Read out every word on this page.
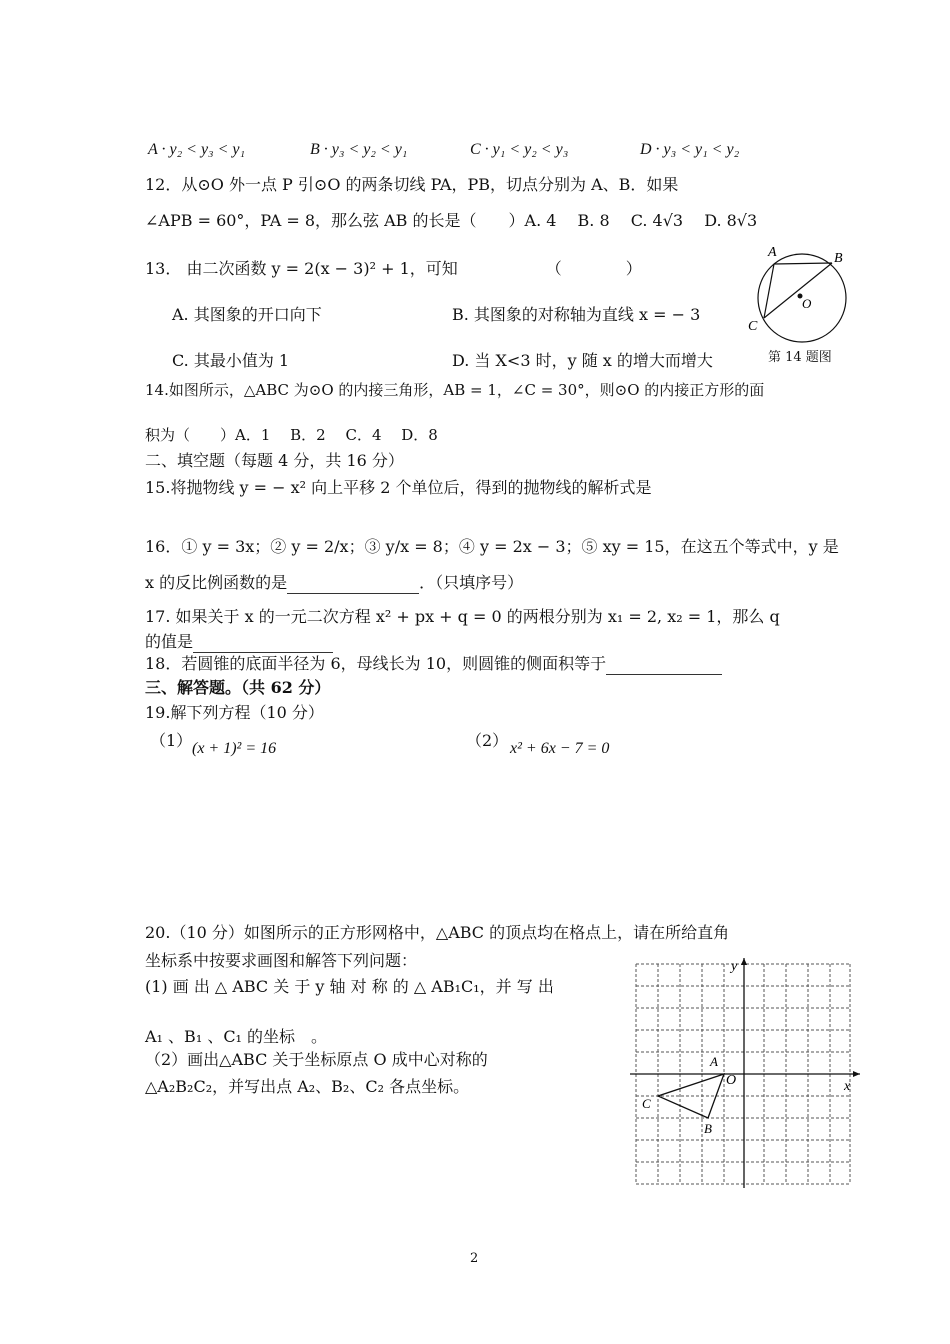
A · y₂ < y₃ < y₁	B · y₃ < y₂ < y₁	C · y₁ < y₂ < y₃	D · y₃ < y₁ < y₂
12．从⊙O 外一点 P 引⊙O 的两条切线 PA，PB，切点分别为 A、B．如果
∠APB = 60°，PA = 8，那么弦 AB 的长是（　　）A. 4　 B. 8　 C. 4√3　 D. 8√3
13． 由二次函数 y = 2(x − 3)² + 1，可知　　　　　　（　　　　）
A. 其图象的开口向下	B. 其图象的对称轴为直线 x = − 3
C. 其最小值为 1	D. 当 X<3 时，y 随 x 的增大而增大
A	B
C
O
第 14 题图
14.如图所示，△ABC 为⊙O 的内接三角形，AB = 1，∠C = 30°，则⊙O 的内接正方形的面
积为（　　）A．1　 B．2　 C．4　 D．8
二、填空题（每题 4 分，共 16 分）
15.将抛物线 y = − x² 向上平移 2 个单位后，得到的抛物线的解析式是
16．① y = 3x；② y = 2/x；③ y/x = 8；④ y = 2x − 3；⑤ xy = 15，在这五个等式中，y 是
x 的反比例函数的是	．（只填序号）
17. 如果关于 x 的一元二次方程 x² + px + q = 0 的两根分别为 x₁ = 2, x₂ = 1，那么 q
的值是
18．若圆锥的底面半径为 6，母线长为 10，则圆锥的侧面积等于
三、解答题。（共 62 分）
19.解下列方程（10 分）
（1） (x + 1)² = 16	（2） x² + 6x − 7 = 0
20.（10 分）如图所示的正方形网格中，△ABC 的顶点均在格点上，请在所给直角
坐标系中按要求画图和解答下列问题：
(1) 画 出 △ ABC 关 于 y 轴 对 称 的 △ AB₁C₁，并 写 出
A₁ 、B₁ 、C₁ 的坐标　。
（2）画出△ABC 关于坐标原点 O 成中心对称的
△A₂B₂C₂，并写出点 A₂、B₂、C₂ 各点坐标。	x
y
O
A
C
B
2
